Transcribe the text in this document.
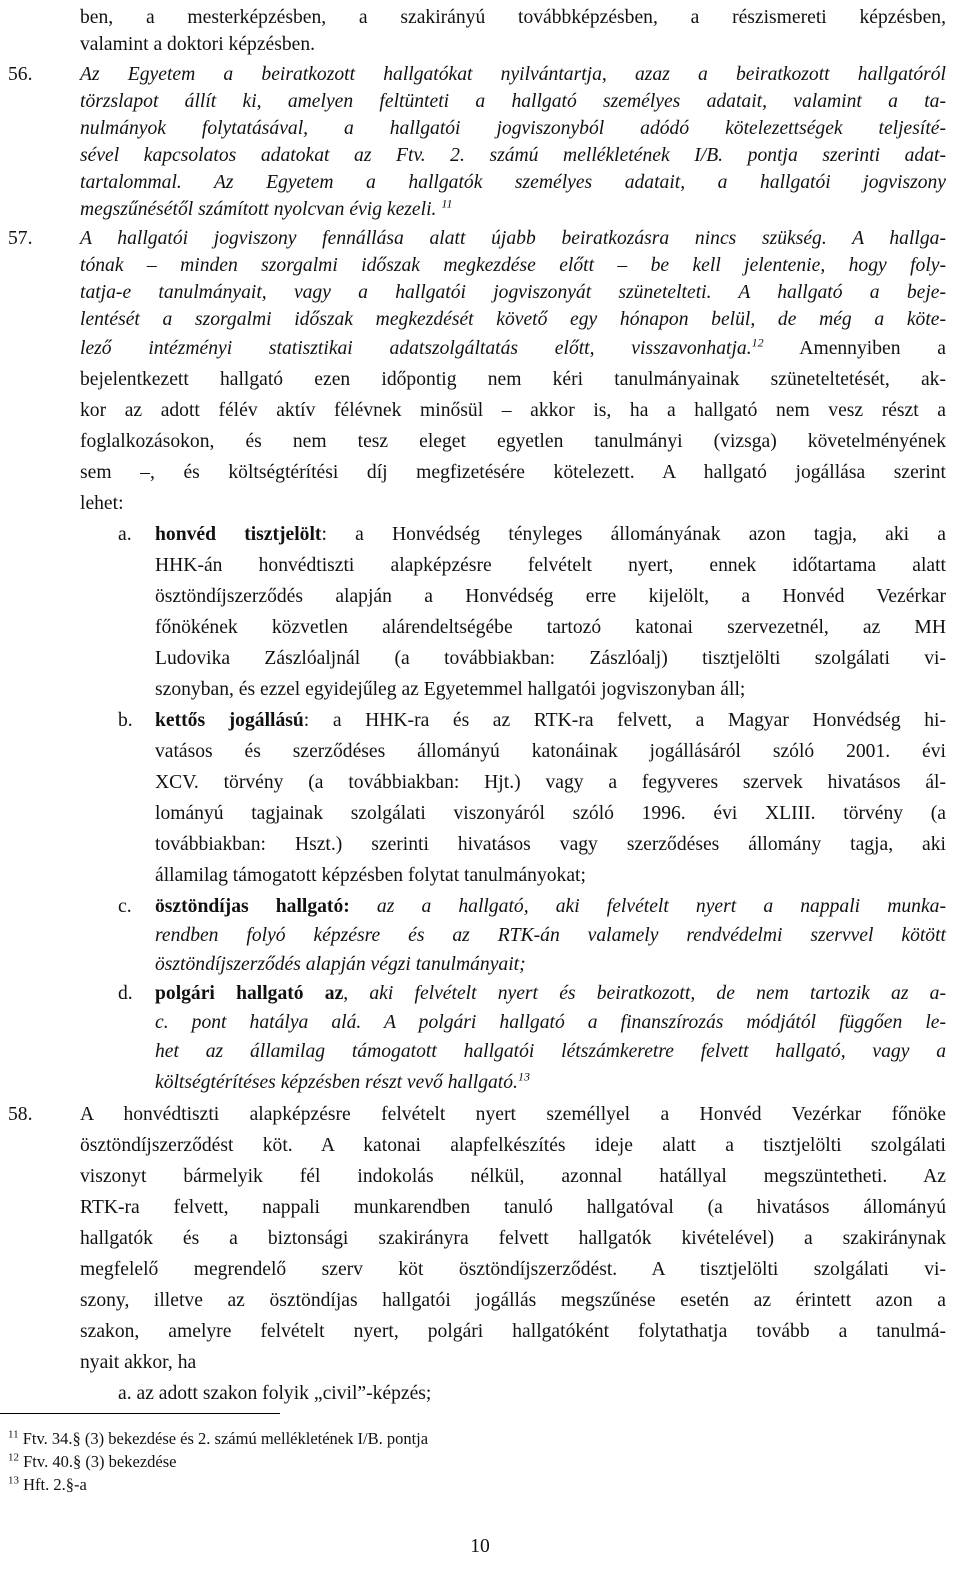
ben, a mesterképzésben, a szakirányú továbbképzésben, a részismereti képzésben,
valamint a doktori képzésben.
56. Az Egyetem a beiratkozott hallgatókat nyilvántartja, azaz a beiratkozott hallgatóról
törzslapot állít ki, amelyen feltünteti a hallgató személyes adatait, valamint a ta-
nulmányok folytatásával, a hallgatói jogviszonyból adódó kötelezettségek teljesíté-
sével kapcsolatos adatokat az Ftv. 2. számú mellékletének I/B. pontja szerinti adat-
tartalommal. Az Egyetem a hallgatók személyes adatait, a hallgatói jogviszony
megszűnésétől számított nyolcvan évig kezeli. $^{11}$
57. A hallgatói jogviszony fennállása alatt újabb beiratkozásra nincs szükség. A hallga-
tónak – minden szorgalmi időszak megkezdése előtt – be kell jelentenie, hogy foly-
tatja-e tanulmányait, vagy a hallgatói jogviszonyát szünetelteti. A hallgató a beje-
lentését a szorgalmi időszak megkezdését követő egy hónapon belül, de még a köte-
lező intézményi statisztikai adatszolgáltatás előtt, visszavonhatja.$^{12}$ Amennyiben a
bejelentkezett hallgató ezen időpontig nem kéri tanulmányainak szüneteltetését, ak-
kor az adott félév aktív félévnek minősül – akkor is, ha a hallgató nem vesz részt a
foglalkozásokon, és nem tesz eleget egyetlen tanulmányi (vizsga) követelményének
sem –, és költségtérítési díj megfizetésére kötelezett. A hallgató jogállása szerint
lehet:
a. honvéd tisztjelölt: a Honvédség tényleges állományának azon tagja, aki a
HHK-án honvédtiszti alapképzésre felvételt nyert, ennek időtartama alatt
ösztöndíjszerződés alapján a Honvédség erre kijelölt, a Honvéd Vezérkar
főnökének közvetlen alárendeltségébe tartozó katonai szervezetnél, az MH
Ludovika Zászlóaljnál (a továbbiakban: Zászlóalj) tisztjelölti szolgálati vi-
szonyban, és ezzel egyidejűleg az Egyetemmel hallgatói jogviszonyban áll;
b. kettős jogállású: a HHK-ra és az RTK-ra felvett, a Magyar Honvédség hi-
vatásos és szerződéses állományú katonáinak jogállásáról szóló 2001. évi
XCV. törvény (a továbbiakban: Hjt.) vagy a fegyveres szervek hivatásos ál-
lományú tagjainak szolgálati viszonyáról szóló 1996. évi XLIII. törvény (a
továbbiakban: Hszt.) szerinti hivatásos vagy szerződéses állomány tagja, aki
államilag támogatott képzésben folytat tanulmányokat;
c. ösztöndíjas hallgató: az a hallgató, aki felvételt nyert a nappali munka-
rendben folyó képzésre és az RTK-án valamely rendvédelmi szervvel kötött
ösztöndíjszerződés alapján végzi tanulmányait;
d. polgári hallgató az, aki felvételt nyert és beiratkozott, de nem tartozik az a-
c. pont hatálya alá. A polgári hallgató a finanszírozás módjától függően le-
het az államilag támogatott hallgatói létszámkeretre felvett hallgató, vagy a
költségtérítéses képzésben részt vevő hallgató.$^{13}$
58. A honvédtiszti alapképzésre felvételt nyert személlyel a Honvéd Vezérkar főnöke
ösztöndíjszerződést köt. A katonai alapfelkészítés ideje alatt a tisztjelölti szolgálati
viszonyt bármelyik fél indokolás nélkül, azonnal hatállyal megszüntetheti. Az
RTK-ra felvett, nappali munkarendben tanuló hallgatóval (a hivatásos állományú
hallgatók és a biztonsági szakirányra felvett hallgatók kivételével) a szakiránynak
megfelelő megrendelő szerv köt ösztöndíjszerződést. A tisztjelölti szolgálati vi-
szony, illetve az ösztöndíjas hallgatói jogállás megszűnése esetén az érintett azon a
szakon, amelyre felvételt nyert, polgári hallgatóként folytathatja tovább a tanulmá-
nyait akkor, ha
a. az adott szakon folyik „civil”-képzés;
$^{11}$ Ftv. 34.§ (3) bekezdése és 2. számú mellékletének I/B. pontja
$^{12}$ Ftv. 40.§ (3) bekezdése
$^{13}$ Hft. 2.§-a
10
